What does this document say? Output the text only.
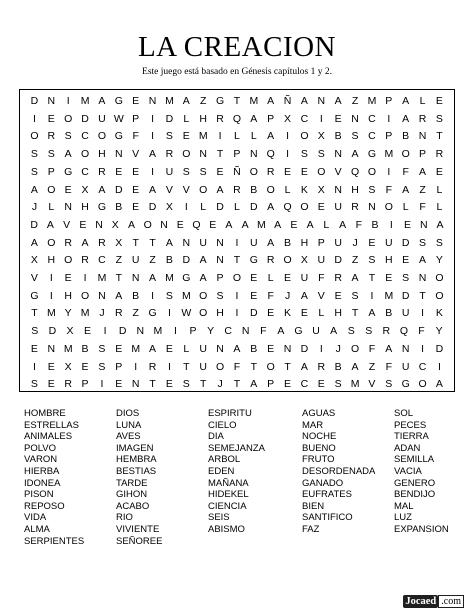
LA CREACION
Este juego está basado en Génesis capítulos 1 y 2.
D N	I	M A G E N M A Z G T M A Ñ A N A Z M P A L E
I	E O D U W P	I	D L H R Q A P X C	I	E N C	I	A R S
O R S C O G F	I	S E M	I	L	L A	I	O X B S C P B N T
S S A O H N V A R O N T P N Q	I	S S N A G M O P R
S P G C R E E	I	U S S E Ñ O R E E O V Q O	I	F A E
A O E X A D E A V V O A R B O L K X N H S F A Z	L
J	L N H G B E D X	I	L D L D A Q O E U R N O L	F	L
D A V E N X A O N E Q E A A M A E A L A F B	I	E N A
A O R A R X T T A N U N	I	U A B H P U J	E U D S S
X H O R C Z U Z B D A N T G R O X U D Z S H E A Y
V	I	E	I	M T N A M G A P O E L E U F R A T E S N O
G	I	H O N A B	I	S M O S	I	E F	J	A V E S	I	M D T O
T M Y M J R Z G	I W O H	I	D E K E L H T A B U	I	K
S D X	E	I	D N M	I	P	Y C N	F	A G U A	S	S R Q F	Y
E N M B S E M A E L U N A B E N D	I	J O F A N	I	D
I	E X E S P	I	R	I	T U O F T O T A R B A Z F U C	I
S E R P	I	E N T E S T	J	T A P E C E S M V S G O A
HOMBRE
ESTRELLAS
ANIMALES
POLVO
VARON
HIERBA
IDONEA
PISON
REPOSO
VIDA
ALMA
SERPIENTES
DIOS
LUNA
AVES
IMAGEN
HEMBRA
BESTIAS
TARDE
GIHON
ACABO
RIO
VIVIENTE
SEÑOREE
ESPIRITU
CIELO
DIA
SEMEJANZA
ARBOL
EDEN
MAÑANA
HIDEKEL
CIENCIA
SEIS
ABISMO
AGUAS
MAR
NOCHE
BUENO
FRUTO
DESORDENADA
GANADO
EUFRATES
BIEN
SANTIFICO
FAZ
SOL
PECES
TIERRA
ADAN
SEMILLA
VACIA
GENERO
BENDIJO
MAL
LUZ
EXPANSION
Jocaed .com
